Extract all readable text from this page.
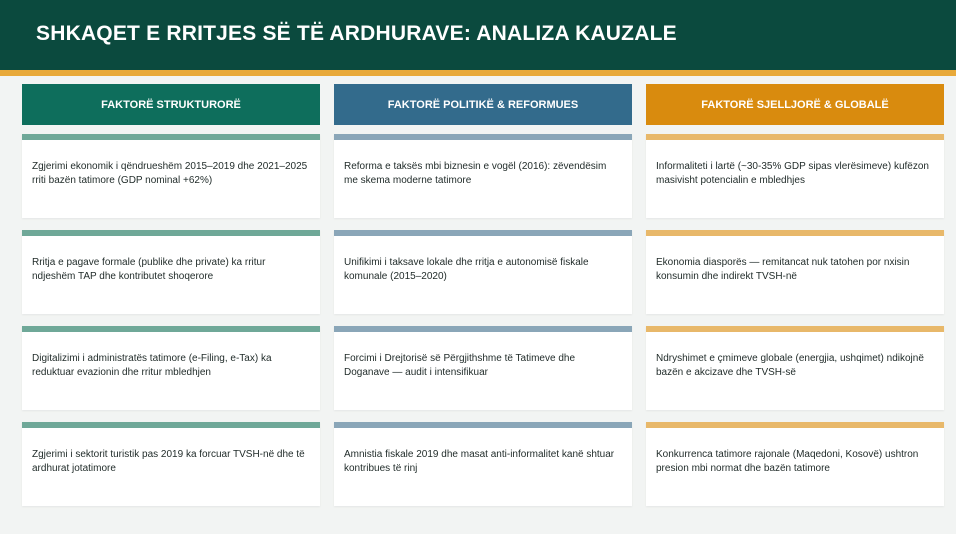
SHKAQET E RRITJES SË TË ARDHURAVE: ANALIZA KAUZALE
FAKTORË STRUKTURORË
Zgjerimi ekonomik i qëndrueshëm 2015–2019 dhe 2021–2025 rriti bazën tatimore (GDP nominal +62%)
Rritja e pagave formale (publike dhe private) ka rritur ndjeshëm TAP dhe kontributet shoqerore
Digitalizimi i administratës tatimore (e-Filing, e-Tax) ka reduktuar evazionin dhe rritur mbledhjen
Zgjerimi i sektorit turistik pas 2019 ka forcuar TVSH-në dhe të ardhurat jotatimore
FAKTORË POLITIKË & REFORMUES
Reforma e taksës mbi biznesin e vogël (2016): zëvendësim me skema moderne tatimore
Unifikimi i taksave lokale dhe rritja e autonomisë fiskale komunale (2015–2020)
Forcimi i Drejtorisë së Përgjithshme të Tatimeve dhe Doganave — audit i intensifikuar
Amnistia fiskale 2019 dhe masat anti-informalitet kanë shtuar kontribues të rinj
FAKTORË SJELLJORË & GLOBALË
Informaliteti i lartë (~30-35% GDP sipas vlerësimeve) kufëzon masivisht potencialin e mbledhjes
Ekonomia diasporës — remitancat nuk tatohen por nxisin konsumin dhe indirekt TVSH-në
Ndryshimet e çmimeve globale (energjia, ushqimet) ndikojnë bazën e akcizave dhe TVSH-së
Konkurrenca tatimore rajonale (Maqedoni, Kosovë) ushtron presion mbi normat dhe bazën tatimore
